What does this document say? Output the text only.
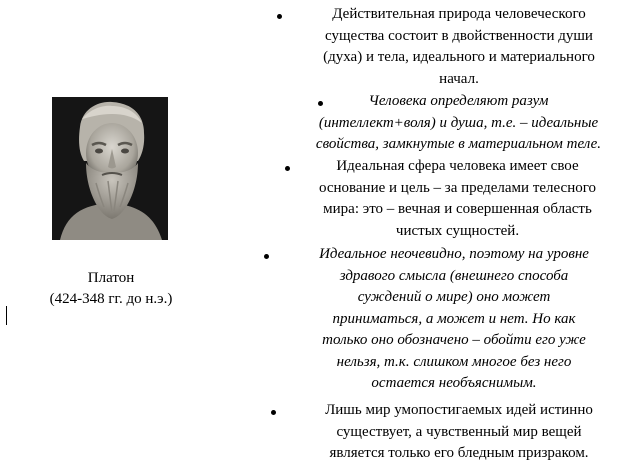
Платон
(424-348 гг. до н.э.)
Действительная природа человеческого
существа состоит в двойственности души
(духа) и тела, идеального и материального
начал.
Человека определяют разум
(интеллект+воля) и душа, т.е. – идеальные
свойства, замкнутые в материальном теле.
Идеальная сфера человека имеет свое
основание и цель – за пределами телесного
мира: это – вечная и совершенная область
чистых сущностей.
Идеальное неочевидно, поэтому на уровне
здравого смысла (внешнего способа
суждений о мире) оно может
приниматься, а может и нет. Но как
только оно обозначено – обойти его уже
нельзя, т.к. слишком многое без него
остается необъяснимым.
Лишь мир умопостигаемых идей истинно
существует, а чувственный мир вещей
является только его бледным призраком.
